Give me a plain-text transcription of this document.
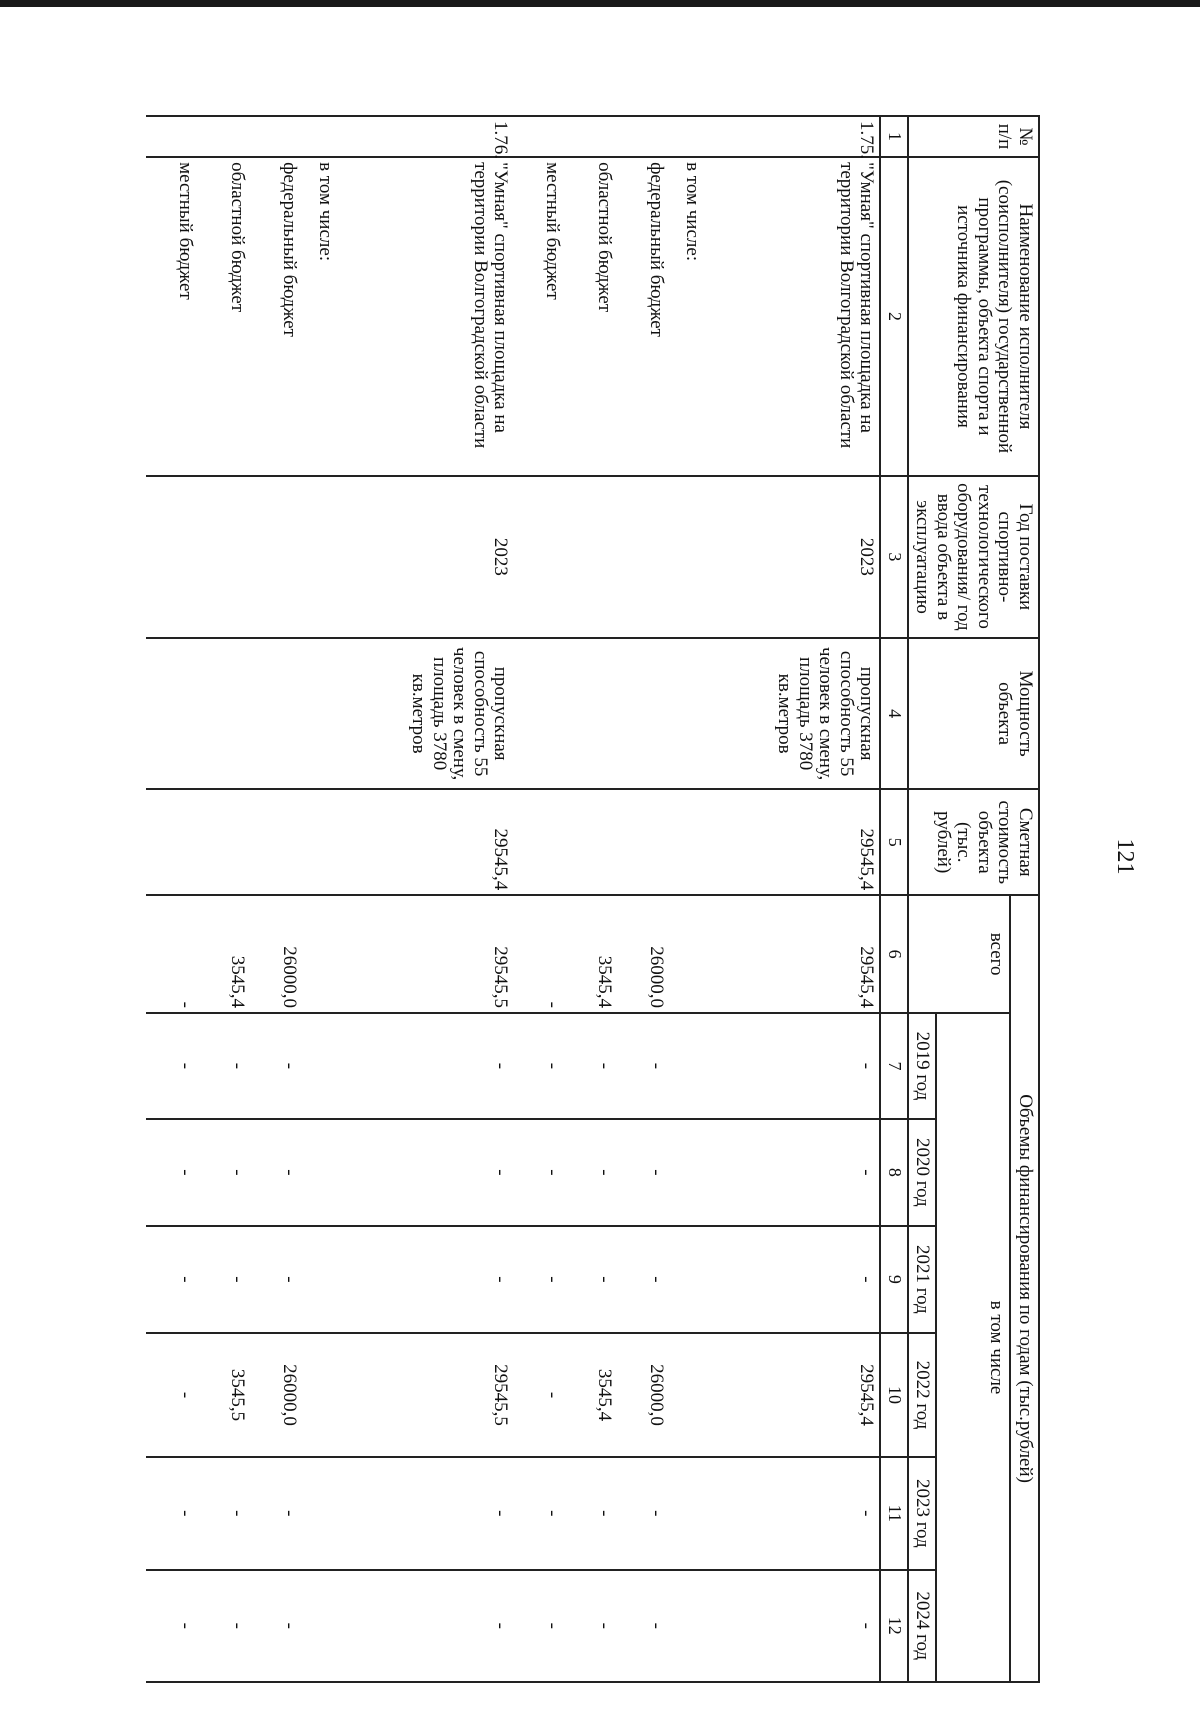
121
№ п/п	Наименование исполнителя (соисполнителя) государственной программы, объекта спорта и источника финансирования	Год поставки спортивно-технологического оборудования/ год ввода объекта в эксплуатацию	Мощность объекта	Сметная стоимость объекта (тыс. рублей)	Объемы финансирования по годам (тыс.рублей)						
					всего	в том числе					
						2019 год	2020 год	2021 год	2022 год	2023 год	2024 год
1	2	3	4	5	6	7	8	9	10	11	12
1.75.	"Умная" спортивная площадка на территории Волгоградской области	2023	пропускная способность 55 человек в смену, площадь 3780 кв.метров	29545,4	29545,4	-	-	-	29545,4	-	-
	в том числе:										
	федеральный бюджет				26000,0	-	-	-	26000,0	-	-
	областной бюджет				3545,4	-	-	-	3545,4	-	-
	местный бюджет				-	-	-	-	-	-	-
1.76.	"Умная" спортивная площадка на территории Волгоградской области	2023	пропускная способность 55 человек в смену, площадь 3780 кв.метров	29545,4	29545,5	-	-	-	29545,5	-	-
	в том числе:										
	федеральный бюджет				26000,0	-	-	-	26000,0	-	-
	областной бюджет				3545,4	-	-	-	3545,5	-	-
	местный бюджет				-	-	-	-	-	-	-
